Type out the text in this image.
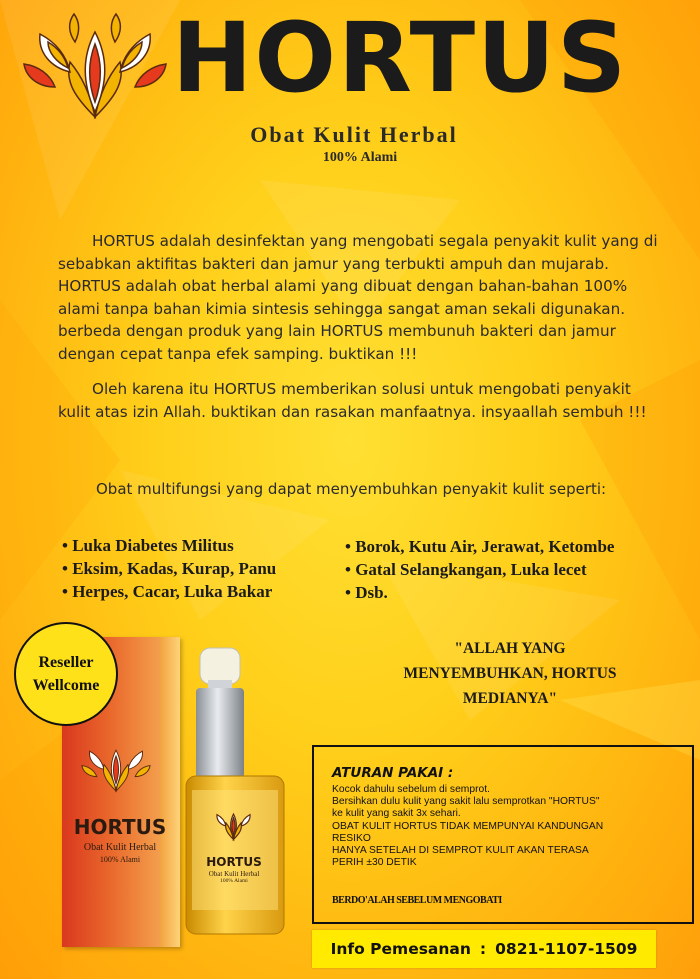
HORTUS
Obat Kulit Herbal
100% Alami

HORTUS adalah desinfektan yang mengobati segala penyakit kulit yang di sebabkan aktifitas bakteri dan jamur yang terbukti ampuh dan mujarab. HORTUS adalah obat herbal alami yang dibuat dengan bahan-bahan 100% alami tanpa bahan kimia sintesis sehingga sangat aman sekali digunakan. berbeda dengan produk yang lain HORTUS membunuh bakteri dan jamur dengan cepat tanpa efek samping. buktikan !!!

Oleh karena itu HORTUS memberikan solusi untuk mengobati penyakit kulit atas izin Allah. buktikan dan rasakan manfaatnya. insyaallah sembuh !!!

Obat multifungsi yang dapat menyembuhkan penyakit kulit seperti:
• Luka Diabetes Militus
• Eksim, Kadas, Kurap, Panu
• Herpes, Cacar, Luka Bakar
• Borok, Kutu Air, Jerawat, Ketombe
• Gatal Selangkangan, Luka lecet
• Dsb.
"ALLAH YANG MENYEMBUHKAN, HORTUS MEDIANYA"
HORTUS
Obat Kulit Herbal
100% Alami	HORTUS
Obat Kulit Herbal
100% Alami
Reseller
Wellcome
ATURAN PAKAI :
Kocok dahulu sebelum di semprot.
Bersihkan dulu kulit yang sakit lalu semprotkan "HORTUS"
ke kulit yang sakit 3x sehari.
OBAT KULIT HORTUS TIDAK MEMPUNYAI KANDUNGAN
RESIKO
HANYA SETELAH DI SEMPROT KULIT AKAN TERASA
PERIH ±30 DETIK
BERDO'ALAH SEBELUM MENGOBATI
Info Pemesanan : 0821-1107-1509
